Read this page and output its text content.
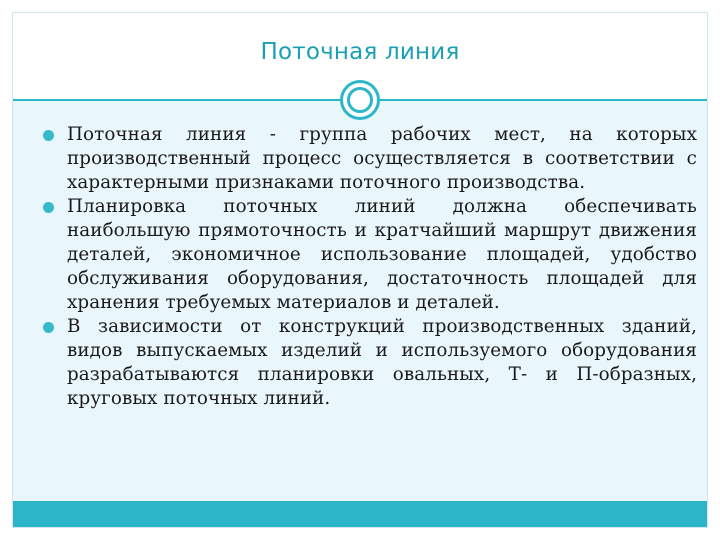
Поточная линия
Поточная линия - группа рабочих мест, на которых производственный процесс осуществляется в соответствии с характерными признаками поточного производства.
Планировка поточных линий должна обеспечивать наибольшую прямоточность и кратчайший маршрут движения деталей, экономичное использование площадей, удобство обслуживания оборудования, достаточность площадей для хранения требуемых материалов и деталей.
В зависимости от конструкций производственных зданий, видов выпускаемых изделий и используемого оборудования разрабатываются планировки овальных, Т- и П-образных, круговых поточных линий.
